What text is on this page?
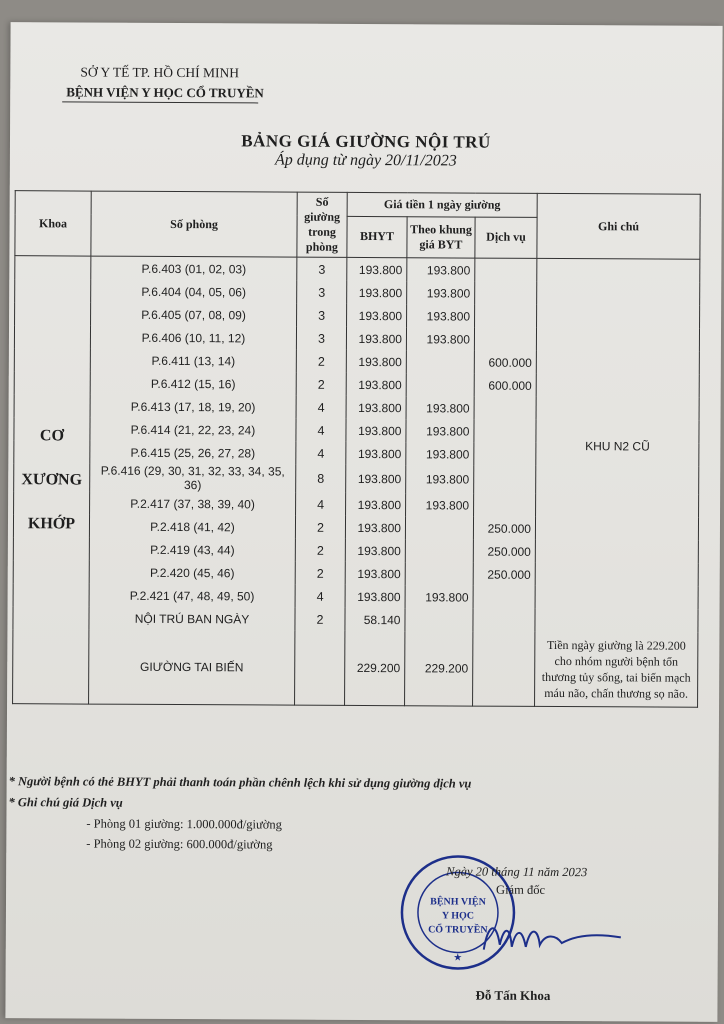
SỞ Y TẾ TP. HỒ CHÍ MINH
BỆNH VIỆN Y HỌC CỔ TRUYỀN
BẢNG GIÁ GIƯỜNG NỘI TRÚ
Áp dụng từ ngày 20/11/2023
Khoa	Số phòng	Số giường trong phòng	Giá tiền 1 ngày giường			Ghi chú
			BHYT	Theo khung giá BYT	Dịch vụ	

CƠ
XƯƠNG
KHỚP	P.6.403 (01, 02, 03)	3	193.800	193.800		KHU N2 CŨ
	P.6.404 (04, 05, 06)	3	193.800	193.800		
	P.6.405 (07, 08, 09)	3	193.800	193.800		
	P.6.406 (10, 11, 12)	3	193.800	193.800		
	P.6.411 (13, 14)	2	193.800		600.000	
	P.6.412 (15, 16)	2	193.800		600.000	
	P.6.413 (17, 18, 19, 20)	4	193.800	193.800		
	P.6.414 (21, 22, 23, 24)	4	193.800	193.800		
	P.6.415 (25, 26, 27, 28)	4	193.800	193.800		
	P.6.416 (29, 30, 31, 32, 33, 34, 35, 36)	8	193.800	193.800		
	P.2.417 (37, 38, 39, 40)	4	193.800	193.800		
	P.2.418 (41, 42)	2	193.800		250.000	
	P.2.419 (43, 44)	2	193.800		250.000	
	P.2.420 (45, 46)	2	193.800		250.000	
	P.2.421 (47, 48, 49, 50)	4	193.800	193.800		
	NỘI TRÚ BAN NGÀY	2	58.140			
	GIƯỜNG TAI BIẾN		229.200	229.200		Tiền ngày giường là 229.200 cho nhóm người bệnh tổn thương tủy sống, tai biến mạch máu não, chấn thương sọ não.
* Người bệnh có thẻ BHYT phải thanh toán phần chênh lệch khi sử dụng giường dịch vụ
* Ghi chú giá Dịch vụ
- Phòng 01 giường: 1.000.000đ/giường
- Phòng 02 giường: 600.000đ/giường
BỆNH VIỆN
Y HỌC
CỔ TRUYỀN
★
Ngày 20 tháng 11 năm 2023
Giám đốc
Đỗ Tấn Khoa
